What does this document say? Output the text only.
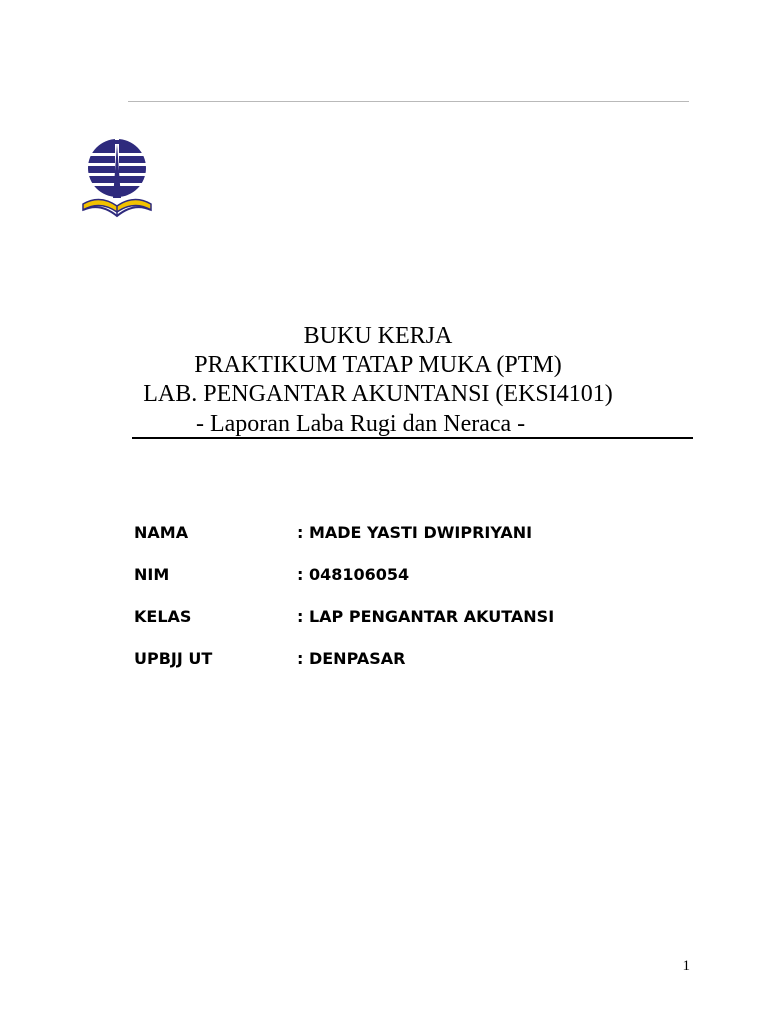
BUKU KERJA
PRAKTIKUM TATAP MUKA (PTM)
LAB. PENGANTAR AKUNTANSI (EKSI4101)
- Laporan Laba Rugi dan Neraca -
NAMA	: MADE YASTI DWIPRIYANI
NIM	: 048106054
KELAS	: LAP PENGANTAR AKUTANSI
UPBJJ UT	: DENPASAR
1
